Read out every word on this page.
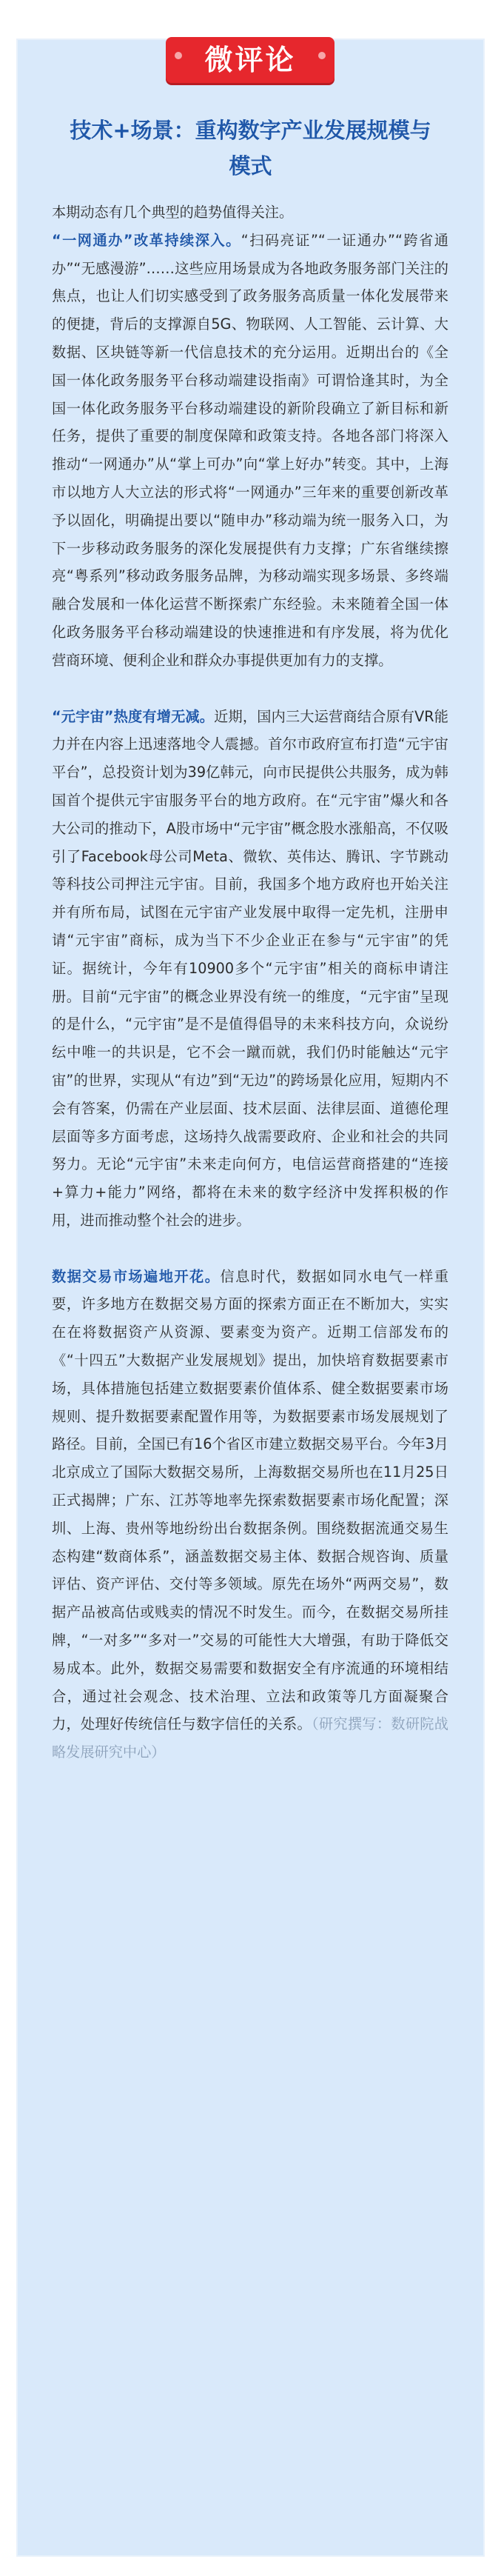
微评论
技术+场景：重构数字产业发展规模与模式

本期动态有几个典型的趋势值得关注。
“一网通办”改革持续深入。“扫码亮证”“一证通办”“跨省通办”“无感漫游”……这些应用场景成为各地政务服务部门关注的焦点，也让人们切实感受到了政务服务高质量一体化发展带来的便捷，背后的支撑源自5G、物联网、人工智能、云计算、大数据、区块链等新一代信息技术的充分运用。近期出台的《全国一体化政务服务平台移动端建设指南》可谓恰逢其时，为全国一体化政务服务平台移动端建设的新阶段确立了新目标和新任务，提供了重要的制度保障和政策支持。各地各部门将深入推动“一网通办”从“掌上可办”向“掌上好办”转变。其中，上海市以地方人大立法的形式将“一网通办”三年来的重要创新改革予以固化，明确提出要以“随申办”移动端为统一服务入口，为下一步移动政务服务的深化发展提供有力支撑；广东省继续擦亮“粤系列”移动政务服务品牌，为移动端实现多场景、多终端融合发展和一体化运营不断探索广东经验。未来随着全国一体化政务服务平台移动端建设的快速推进和有序发展，将为优化营商环境、便利企业和群众办事提供更加有力的支撑。

“元宇宙”热度有增无减。近期，国内三大运营商结合原有VR能力并在内容上迅速落地令人震撼。首尔市政府宣布打造“元宇宙平台”，总投资计划为39亿韩元，向市民提供公共服务，成为韩国首个提供元宇宙服务平台的地方政府。在“元宇宙”爆火和各大公司的推动下，A股市场中“元宇宙”概念股水涨船高，不仅吸引了Facebook母公司Meta、微软、英伟达、腾讯、字节跳动等科技公司押注元宇宙。目前，我国多个地方政府也开始关注并有所布局，试图在元宇宙产业发展中取得一定先机，注册申请“元宇宙”商标，成为当下不少企业正在参与“元宇宙”的凭证。据统计，今年有10900多个“元宇宙”相关的商标申请注册。目前“元宇宙”的概念业界没有统一的维度，“元宇宙”呈现的是什么，“元宇宙”是不是值得倡导的未来科技方向，众说纷纭中唯一的共识是，它不会一蹴而就，我们仍时能触达“元宇宙”的世界，实现从“有边”到“无边”的跨场景化应用，短期内不会有答案，仍需在产业层面、技术层面、法律层面、道德伦理层面等多方面考虑，这场持久战需要政府、企业和社会的共同努力。无论“元宇宙”未来走向何方，电信运营商搭建的“连接+算力+能力”网络，都将在未来的数字经济中发挥积极的作用，进而推动整个社会的进步。

数据交易市场遍地开花。信息时代，数据如同水电气一样重要，许多地方在数据交易方面的探索方面正在不断加大，实实在在将数据资产从资源、要素变为资产。近期工信部发布的《“十四五”大数据产业发展规划》提出，加快培育数据要素市场，具体措施包括建立数据要素价值体系、健全数据要素市场规则、提升数据要素配置作用等，为数据要素市场发展规划了路径。目前，全国已有16个省区市建立数据交易平台。今年3月北京成立了国际大数据交易所，上海数据交易所也在11月25日正式揭牌；广东、江苏等地率先探索数据要素市场化配置；深圳、上海、贵州等地纷纷出台数据条例。围绕数据流通交易生态构建“数商体系”，涵盖数据交易主体、数据合规咨询、质量评估、资产评估、交付等多领域。原先在场外“两两交易”，数据产品被高估或贱卖的情况不时发生。而今，在数据交易所挂牌，“一对多”“多对一”交易的可能性大大增强，有助于降低交易成本。此外，数据交易需要和数据安全有序流通的环境相结合，通过社会观念、技术治理、立法和政策等几方面凝聚合力，处理好传统信任与数字信任的关系。（研究撰写：数研院战略发展研究中心）
